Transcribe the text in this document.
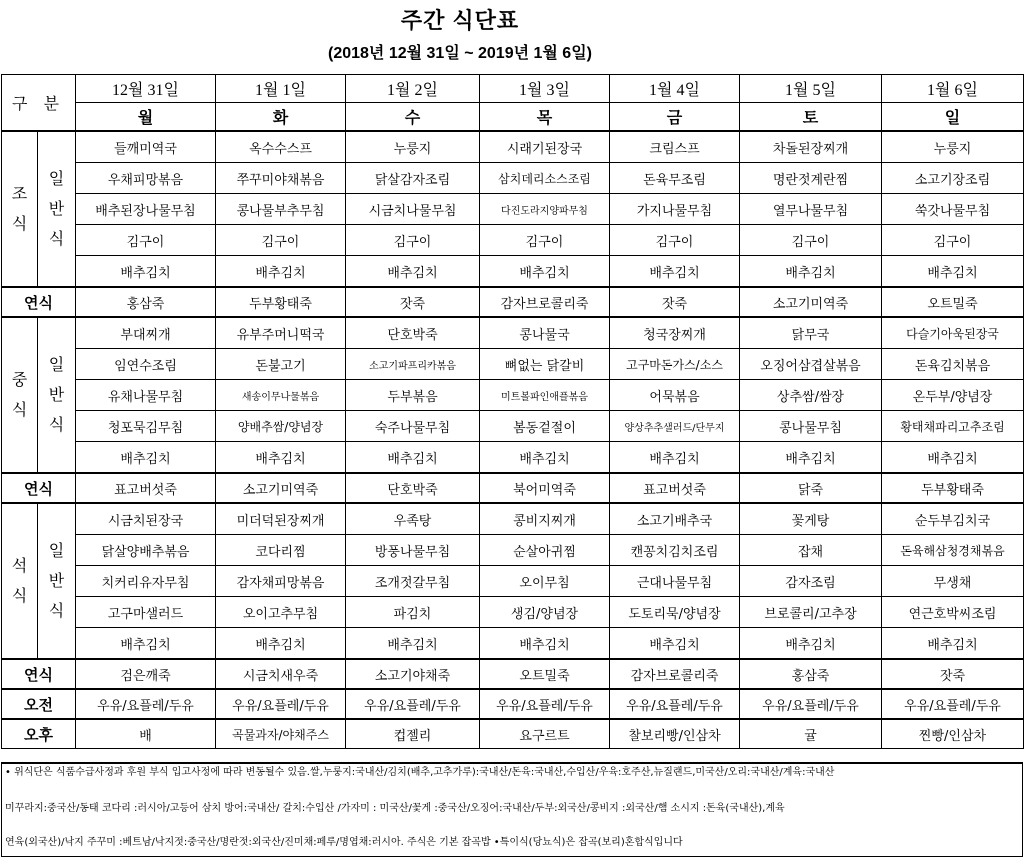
주간 식단표
(2018년 12월 31일 ~ 2019년 1월 6일)
구 분		12월 31일	1월 1일	1월 2일	1월 3일	1월 4일	1월 5일	1월 6일
		월	화	수	목	금	토	일
조
식	일
반
식	들깨미역국	옥수수스프	누룽지	시래기된장국	크림스프	차돌된장찌개	누룽지
		우채피망볶음	쭈꾸미야채볶음	닭살감자조림	삼치데리소스조림	돈육무조림	명란젓계란찜	소고기장조림
		배추된장나물무침	콩나물부추무침	시금치나물무침	다진도라지양파무침	가지나물무침	열무나물무침	쑥갓나물무침
		김구이	김구이	김구이	김구이	김구이	김구이	김구이
		배추김치	배추김치	배추김치	배추김치	배추김치	배추김치	배추김치
연식		홍삼죽	두부황태죽	잣죽	감자브로콜리죽	잣죽	소고기미역죽	오트밀죽
중
식	일
반
식	부대찌개	유부주머니떡국	단호박죽	콩나물국	청국장찌개	닭무국	다슬기아욱된장국
		임연수조림	돈불고기	소고기파프리카볶음	뼈없는 닭갈비	고구마돈가스/소스	오징어삼겹살볶음	돈육김치볶음
		유채나물무침	새송이무나물볶음	두부볶음	미트볼파인애플볶음	어묵볶음	상추쌈/쌈장	온두부/양념장
		청포묵김무침	양배추쌈/양념장	숙주나물무침	봄동겉절이	양상추추샐러드/단무지	콩나물무침	황태채파리고추조림
		배추김치	배추김치	배추김치	배추김치	배추김치	배추김치	배추김치
연식		표고버섯죽	소고기미역죽	단호박죽	북어미역죽	표고버섯죽	닭죽	두부황태죽
석
식	일
반
식	시금치된장국	미더덕된장찌개	우족탕	콩비지찌개	소고기배추국	꽃게탕	순두부김치국
		닭살양배추볶음	코다리찜	방풍나물무침	순살아귀찜	캔꽁치김치조림	잡채	돈육해삼청경채볶음
		치커리유자무침	감자채피망볶음	조개젓갈무침	오이무침	근대나물무침	감자조림	무생채
		고구마샐러드	오이고추무침	파김치	생김/양념장	도토리묵/양념장	브로콜리/고추장	연근호박씨조림
		배추김치	배추김치	배추김치	배추김치	배추김치	배추김치	배추김치
연식		검은깨죽	시금치새우죽	소고기야채죽	오트밀죽	감자브로콜리죽	홍삼죽	잣죽
오전		우유/요플레/두유	우유/요플레/두유	우유/요플레/두유	우유/요플레/두유	우유/요플레/두유	우유/요플레/두유	우유/요플레/두유
오후		배	곡물과자/야채주스	컵젤리	요구르트	찰보리빵/인삼차	귤	찐빵/인삼차

• 위식단은 식품수급사정과 후원 부식 입고사정에 따라 변동될수 있음.쌀,누룽지:국내산/김치(배추,고추가루):국내산/돈육:국내산,수입산/우육:호주산,뉴질랜드,미국산/오리:국내산/계육:국내산

미꾸라지:중국산/동태 코다리 :러시아/고등어 삼치 방어:국내산/ 갈치:수입산 /가자미 : 미국산/꽃게 :중국산/오징어:국내산/두부:외국산/콩비지 :외국산/햄 소시지 :돈육(국내산),계육

연육(외국산)/낙지 주꾸미 :베트남/낙지젓:중국산/명란젓:외국산/진미채:페루/명엽채:러시아. 주식은 기본 잡곡밥 •특이식(당뇨식)은 잡곡(보리)혼합식입니다
